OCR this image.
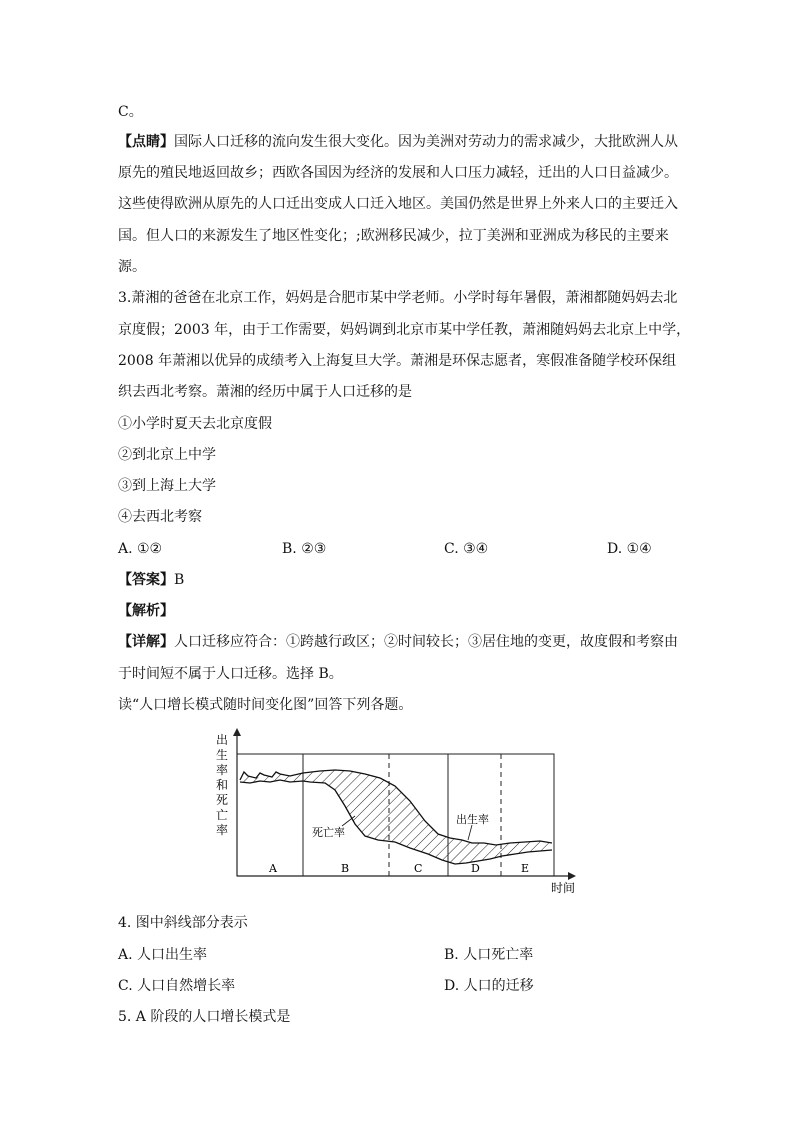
C。
【点睛】国际人口迁移的流向发生很大变化。因为美洲对劳动力的需求减少，大批欧洲人从
原先的殖民地返回故乡；西欧各国因为经济的发展和人口压力减轻，迁出的人口日益减少。
这些使得欧洲从原先的人口迁出变成人口迁入地区。美国仍然是世界上外来人口的主要迁入
国。但人口的来源发生了地区性变化；;欧洲移民减少，拉丁美洲和亚洲成为移民的主要来
源。
3.萧湘的爸爸在北京工作，妈妈是合肥市某中学老师。小学时每年暑假，萧湘都随妈妈去北
京度假；2003 年，由于工作需要，妈妈调到北京市某中学任教，萧湘随妈妈去北京上中学，
2008 年萧湘以优异的成绩考入上海复旦大学。萧湘是环保志愿者，寒假准备随学校环保组
织去西北考察。萧湘的经历中属于人口迁移的是
①小学时夏天去北京度假
②到北京上中学
③到上海上大学
④去西北考察
A. ①②	B. ②③	C. ③④	D. ①④
【答案】B
【解析】
【详解】人口迁移应符合：①跨越行政区；②时间较长；③居住地的变更，故度假和考察由
于时间短不属于人口迁移。选择 B。
读“人口增长模式随时间变化图”回答下列各题。
出
生
率
和
死
亡
率
时间
死亡率
出生率
A	B	C	D	E
4. 图中斜线部分表示
A. 人口出生率	B. 人口死亡率
C. 人口自然增长率	D. 人口的迁移
5. A 阶段的人口增长模式是
